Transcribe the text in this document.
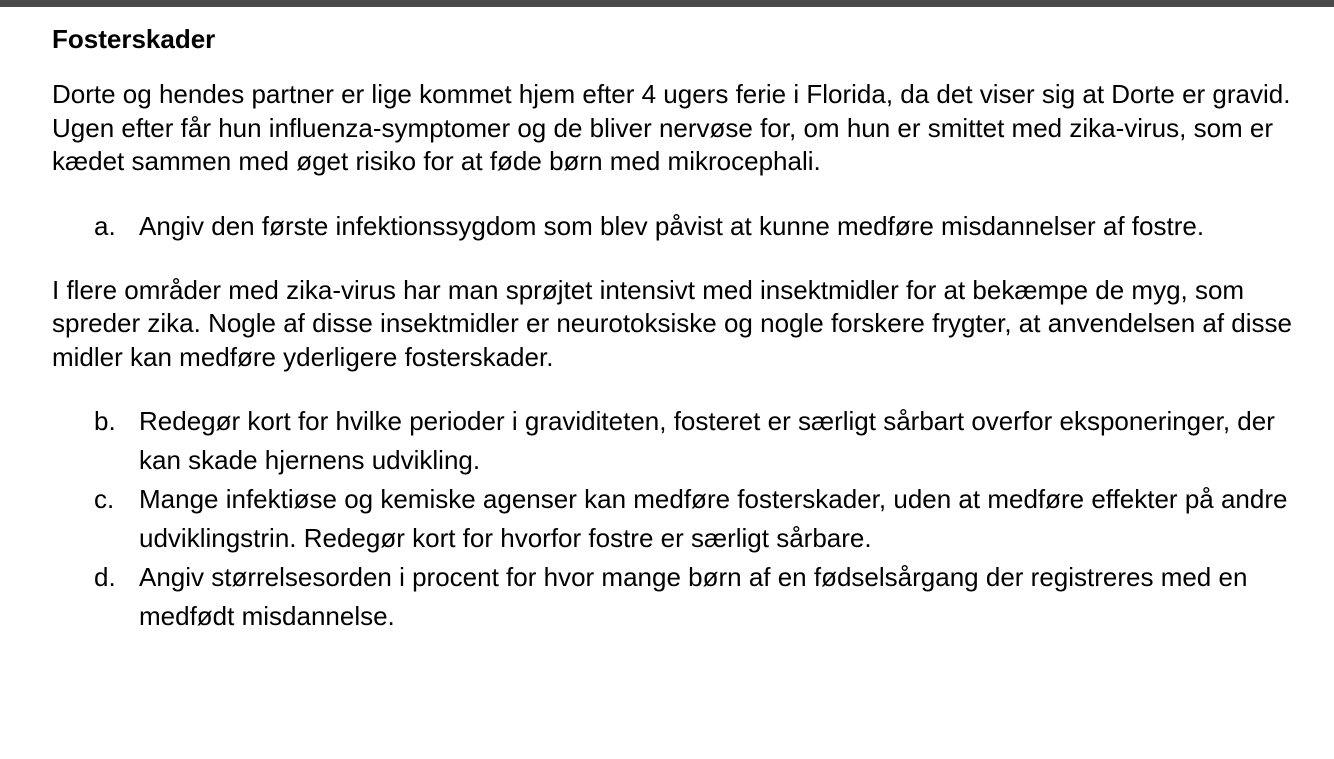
Fosterskader

Dorte og hendes partner er lige kommet hjem efter 4 ugers ferie i Florida, da det viser sig at Dorte er gravid. Ugen efter får hun influenza-symptomer og de bliver nervøse for, om hun er smittet med zika-virus, som er kædet sammen med øget risiko for at føde børn med mikrocephali.

a. Angiv den første infektionssygdom som blev påvist at kunne medføre misdannelser af fostre.

I flere områder med zika-virus har man sprøjtet intensivt med insektmidler for at bekæmpe de myg, som spreder zika. Nogle af disse insektmidler er neurotoksiske og nogle forskere frygter, at anvendelsen af disse midler kan medføre yderligere fosterskader.

b. Redegør kort for hvilke perioder i graviditeten, fosteret er særligt sårbart overfor eksponeringer, der kan skade hjernens udvikling.
c. Mange infektiøse og kemiske agenser kan medføre fosterskader, uden at medføre effekter på andre udviklingstrin. Redegør kort for hvorfor fostre er særligt sårbare.
d. Angiv størrelsesorden i procent for hvor mange børn af en fødselsårgang der registreres med en medfødt misdannelse.
